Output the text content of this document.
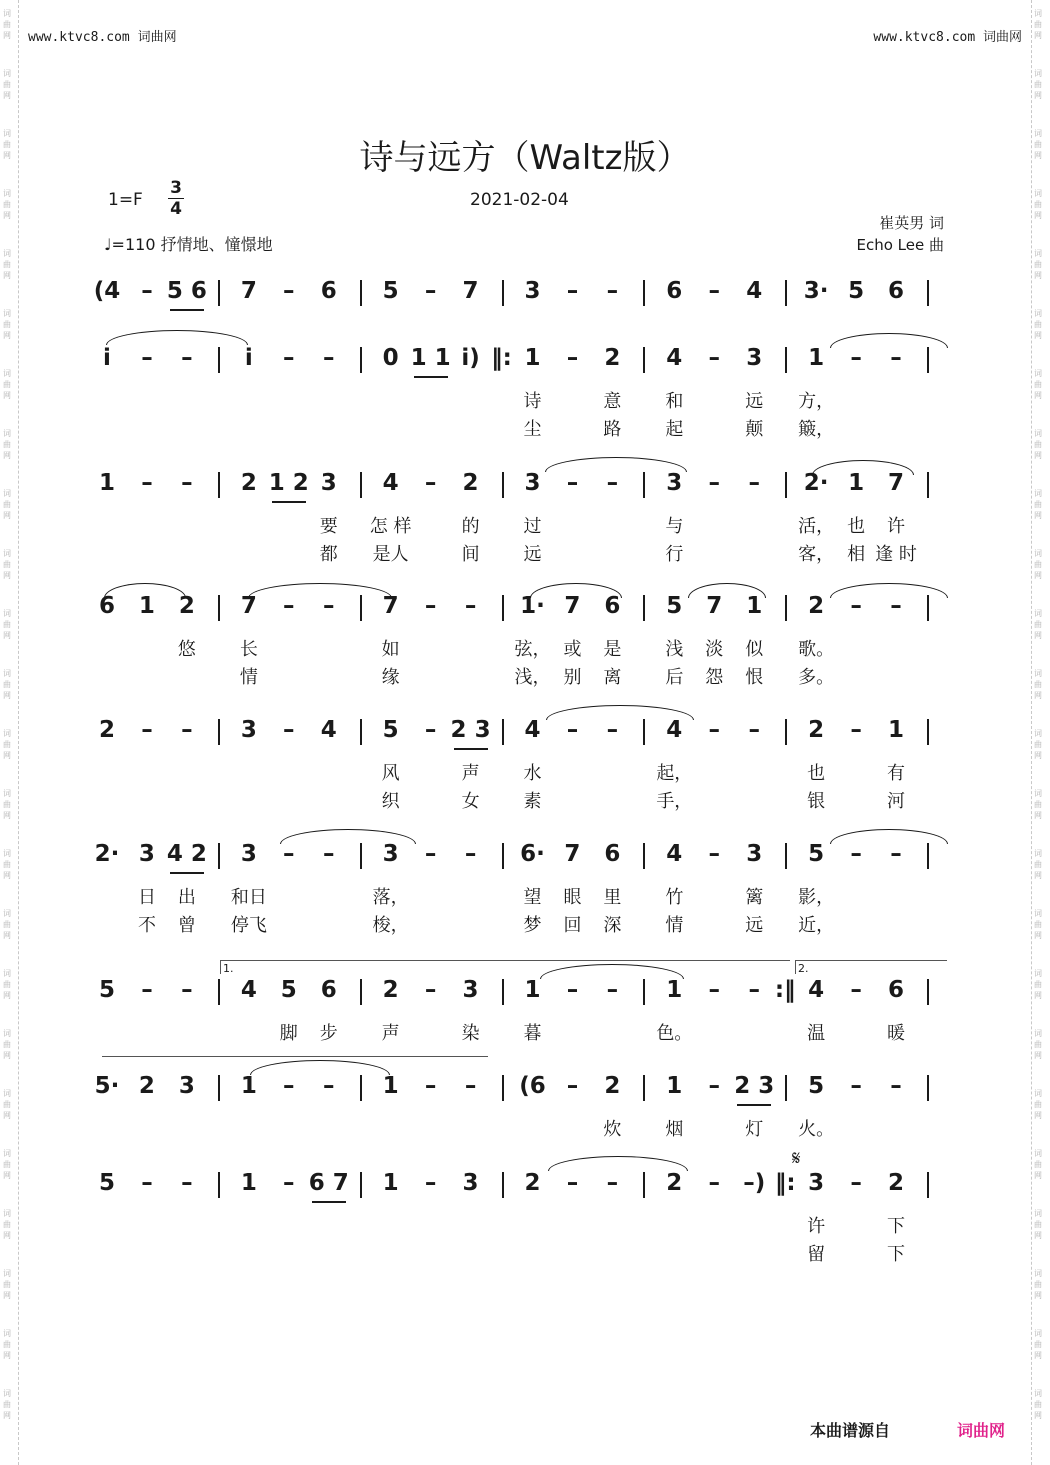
www.ktvc8.com 词曲网	www.ktvc8.com 词曲网
诗与远方（Waltz版）
1=F
3
4	2021-02-04
♩=110 抒情地、憧憬地
崔英男 词
Echo Lee 曲
(4 – 5 6 7 – 6 5 – 7 3 – – 6 – 4 3· 5 6
i – – i – – 0 1 1 i) ‖: 1 – 2 4 – 3 1 – –
诗	意 和	远 方，
尘	路 起	颠 簸，
1 – – 2 1 2 3 4 – 2 3 – – 3 – – 2· 1 7
要 怎 样	的 过	与	活， 也 许
都 是人	间 远	行	客， 相 逢 时
6 1 2 7 – – 7 – – 1· 7 6 5 7 1 2 – –
悠 长	如	弦， 或 是 浅 淡 似 歌。
情	缘	浅， 别 离 后 怨 恨 多。
2 – – 3 – 4 5 – 2 3 4 – – 4 – – 2 – 1
风	声 水	起，	也	有
织	女 素	手，	银	河
2· 3 4 2 3 – – 3 – – 6· 7 6 4 – 3 5 – –
日 出 和日	落，	望 眼 里 竹	篱 影，
不 曾 停飞	梭，	梦 回 深 情	远 近，
5 – – 4 5 6 2 – 3 1 – – 1 – – :‖ 4 – 6
脚 步 声	染 暮	色。	温	暖
5· 2 3 1 – – 1 – – (6 – 2 1 – 2 3 5 – –
炊 烟	灯 火。
5 – – 1 – 6 7 1 – 3 2 – – 2 – –) ‖: 3 – 2
许	下
留	下
1.	2.
𝄋
本曲谱源自	词曲网
词曲网
词曲网
词曲网
词曲网
词曲网
词曲网
词曲网
词曲网
词曲网
词曲网
词曲网
词曲网
词曲网
词曲网
词曲网
词曲网
词曲网
词曲网
词曲网
词曲网
词曲网
词曲网
词曲网
词曲网
词曲网
词曲网
词曲网
词曲网
词曲网
词曲网
词曲网
词曲网
词曲网
词曲网
词曲网
词曲网
词曲网
词曲网
词曲网
词曲网
词曲网
词曲网
词曲网
词曲网
词曲网
词曲网
词曲网
词曲网
